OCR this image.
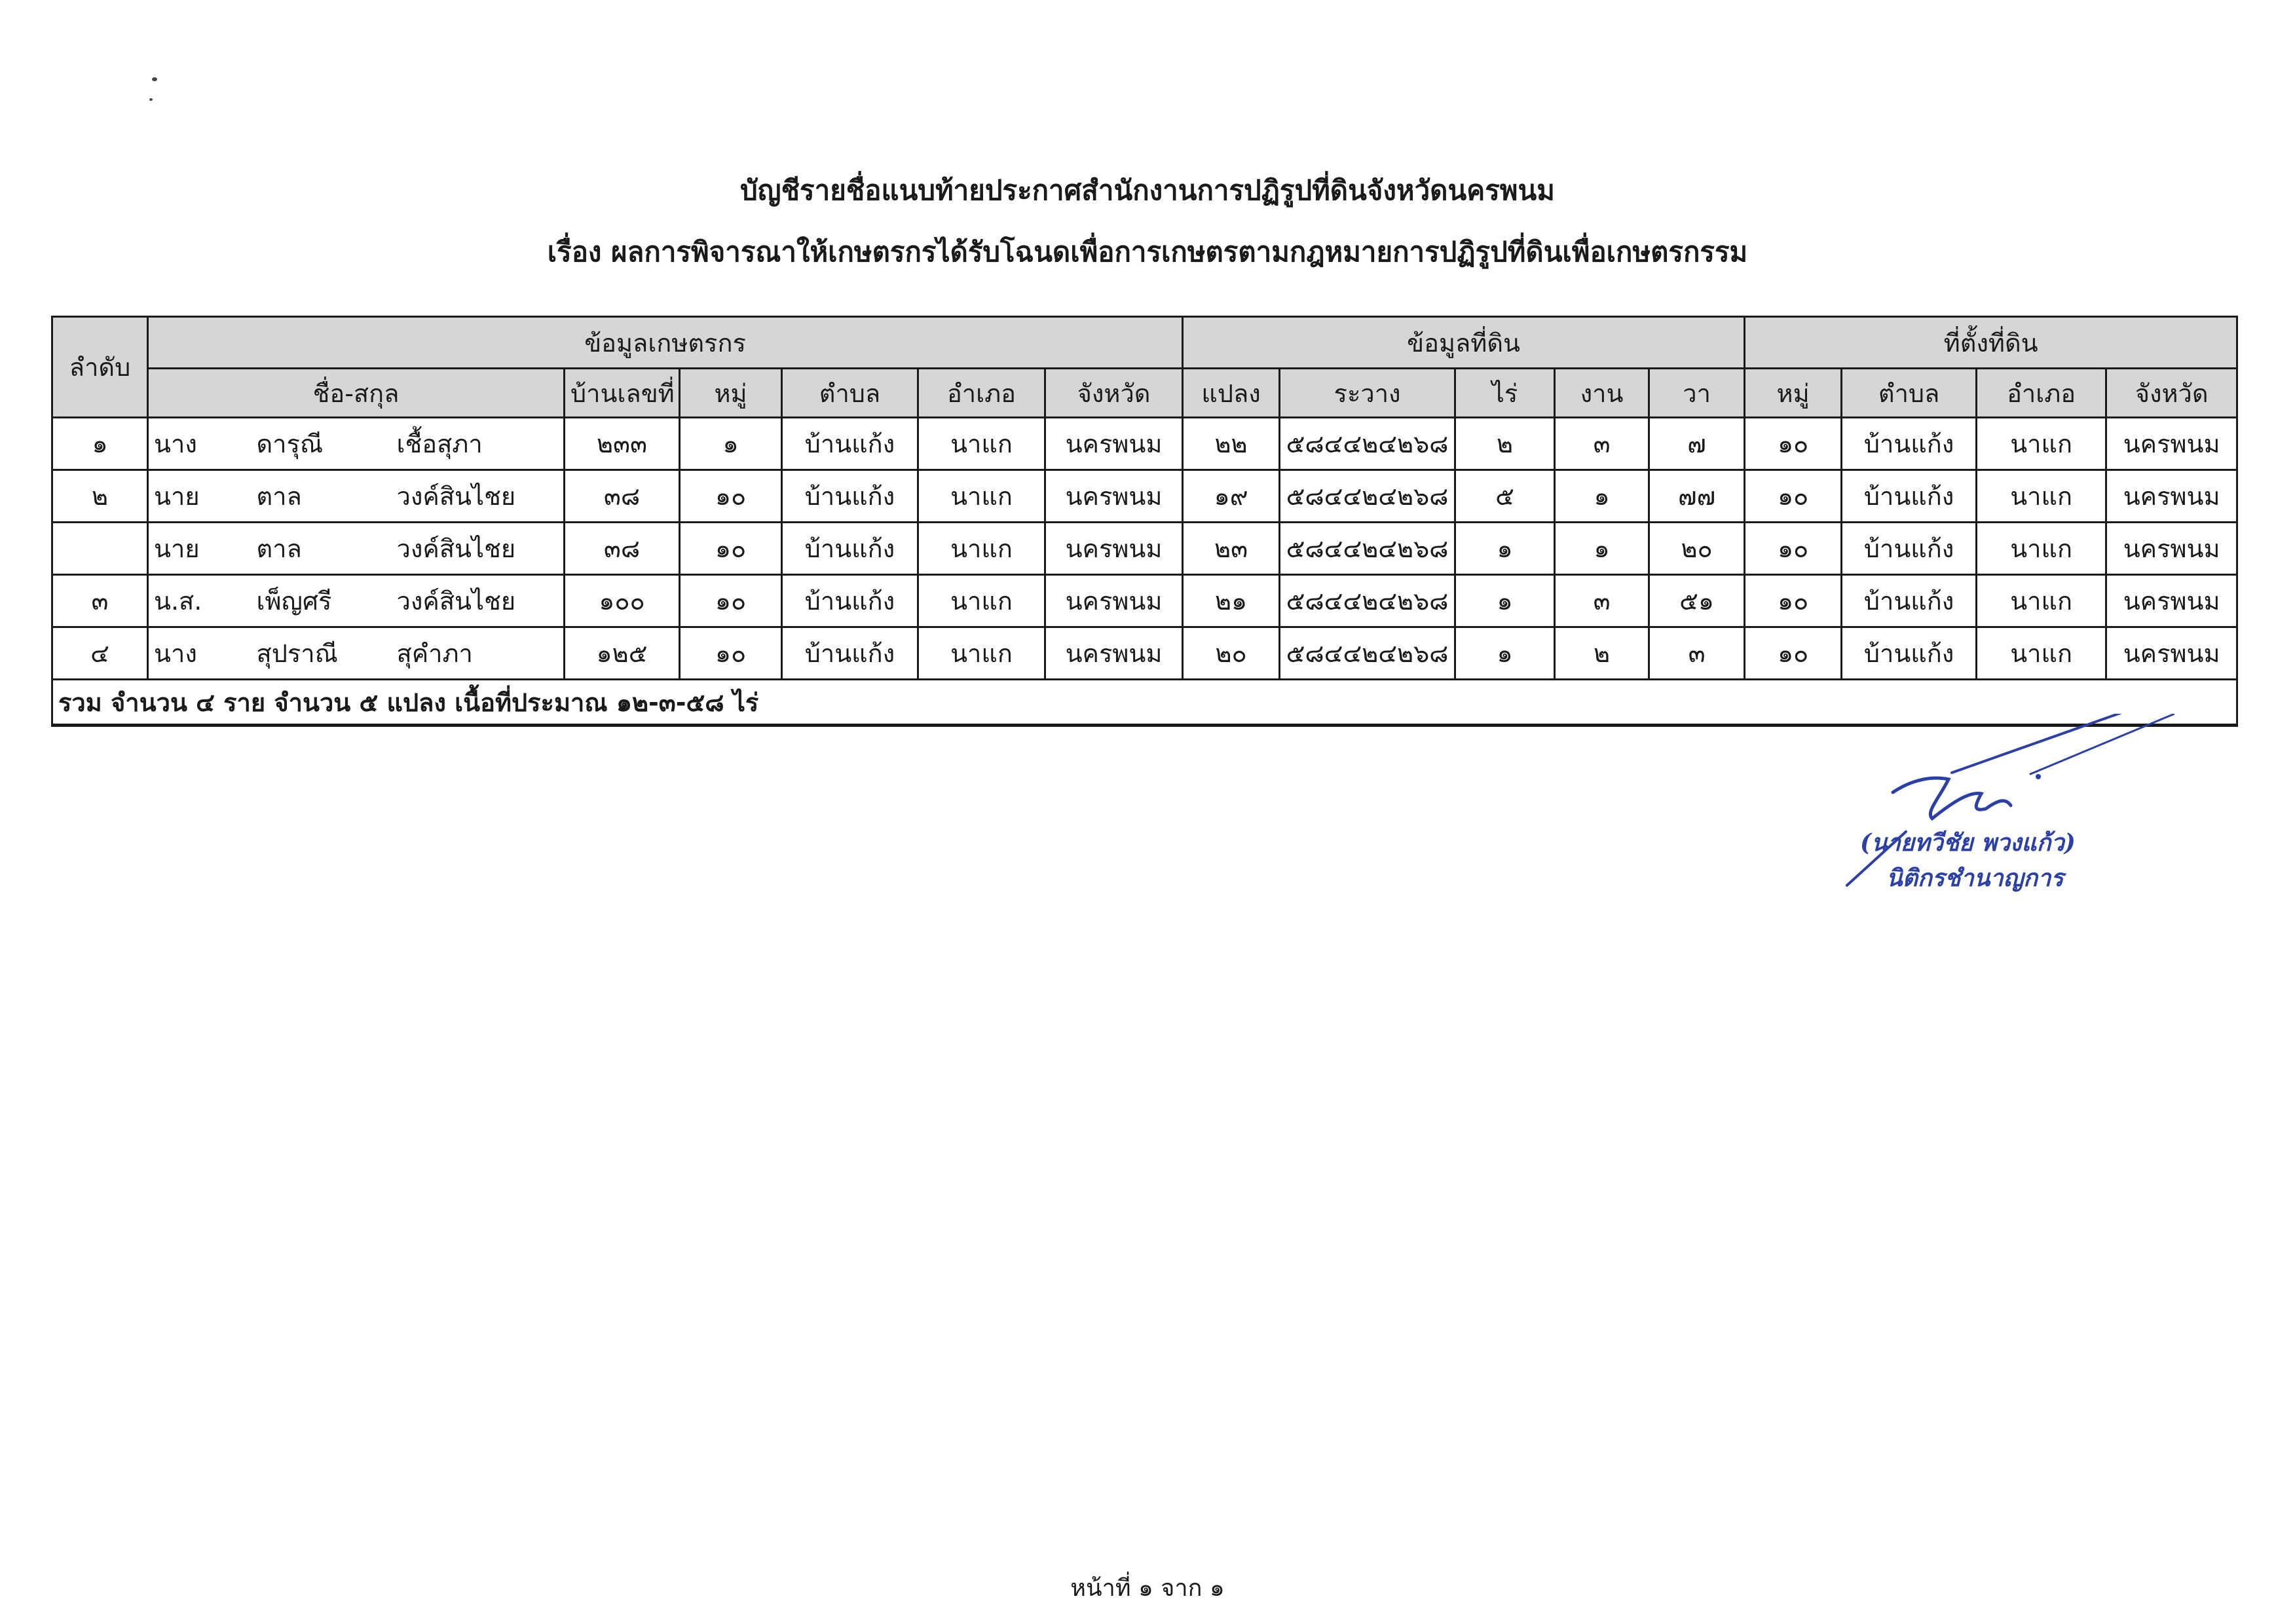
บัญชีรายชื่อแนบท้ายประกาศสำนักงานการปฏิรูปที่ดินจังหวัดนครพนม
เรื่อง ผลการพิจารณาให้เกษตรกรได้รับโฉนดเพื่อการเกษตรตามกฎหมายการปฏิรูปที่ดินเพื่อเกษตรกรรม
ลำดับ	ข้อมูลเกษตรกร								ข้อมูลที่ดิน					ที่ตั้งที่ดิน			
	ชื่อ-สกุล			บ้านเลขที่	หมู่	ตำบล	อำเภอ	จังหวัด	แปลง	ระวาง	ไร่	งาน	วา	หมู่	ตำบล	อำเภอ	จังหวัด
๑	นาง	ดารุณี	เชื้อสุภา	๒๓๓	๑	บ้านแก้ง	นาแก	นครพนม	๒๒	๕๘๔๔๒๔๒๖๘	๒	๓	๗	๑๐	บ้านแก้ง	นาแก	นครพนม
๒	นาย	ตาล	วงค์สินไชย	๓๘	๑๐	บ้านแก้ง	นาแก	นครพนม	๑๙	๕๘๔๔๒๔๒๖๘	๕	๑	๗๗	๑๐	บ้านแก้ง	นาแก	นครพนม
	นาย	ตาล	วงค์สินไชย	๓๘	๑๐	บ้านแก้ง	นาแก	นครพนม	๒๓	๕๘๔๔๒๔๒๖๘	๑	๑	๒๐	๑๐	บ้านแก้ง	นาแก	นครพนม
๓	น.ส.	เพ็ญศรี	วงค์สินไชย	๑๐๐	๑๐	บ้านแก้ง	นาแก	นครพนม	๒๑	๕๘๔๔๒๔๒๖๘	๑	๓	๕๑	๑๐	บ้านแก้ง	นาแก	นครพนม
๔	นาง	สุปราณี	สุคำภา	๑๒๕	๑๐	บ้านแก้ง	นาแก	นครพนม	๒๐	๕๘๔๔๒๔๒๖๘	๑	๒	๓	๑๐	บ้านแก้ง	นาแก	นครพนม
รวม จำนวน ๔ ราย จำนวน ๕ แปลง เนื้อที่ประมาณ ๑๒-๓-๕๘ ไร่																	
(นายทวีชัย พวงแก้ว)
นิติกรชำนาญการ
หน้าที่ ๑ จาก ๑
